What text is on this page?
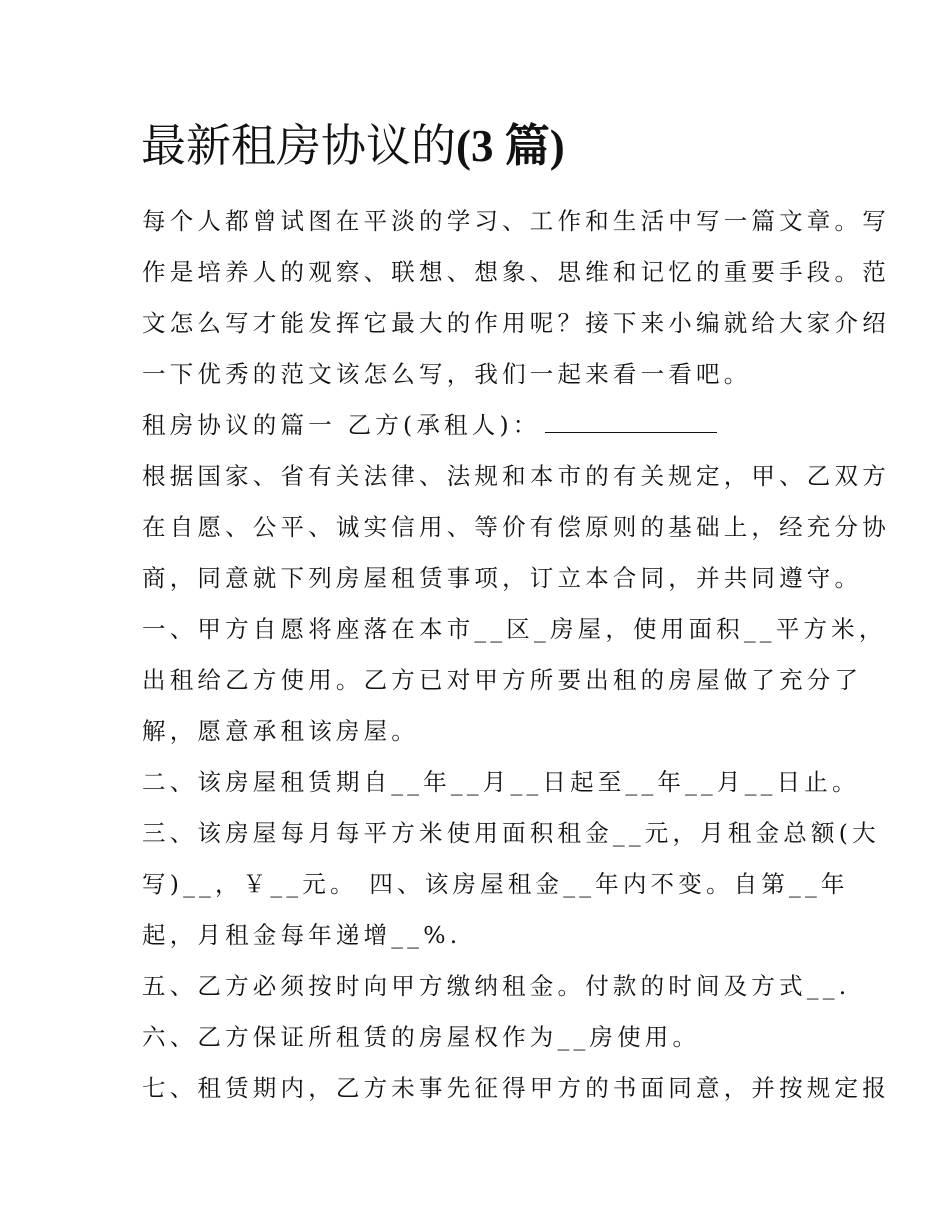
最新租房协议的(3 篇)
每个人都曾试图在平淡的学习、工作和生活中写一篇文章。写
作是培养人的观察、联想、想象、思维和记忆的重要手段。范
文怎么写才能发挥它最大的作用呢？接下来小编就给大家介绍
一下优秀的范文该怎么写，我们一起来看一看吧。
租房协议的篇一 乙方(承租人)：
根据国家、省有关法律、法规和本市的有关规定，甲、乙双方
在自愿、公平、诚实信用、等价有偿原则的基础上，经充分协
商，同意就下列房屋租赁事项，订立本合同，并共同遵守。
一、甲方自愿将座落在本市__区_房屋，使用面积__平方米，
出租给乙方使用。乙方已对甲方所要出租的房屋做了充分了
解，愿意承租该房屋。
二、该房屋租赁期自__年__月__日起至__年__月__日止。
三、该房屋每月每平方米使用面积租金__元，月租金总额(大
写)__，￥__元。 四、该房屋租金__年内不变。自第__年
起，月租金每年递增__%.
五、乙方必须按时向甲方缴纳租金。付款的时间及方式__.
六、乙方保证所租赁的房屋权作为__房使用。
七、租赁期内，乙方未事先征得甲方的书面同意，并按规定报
